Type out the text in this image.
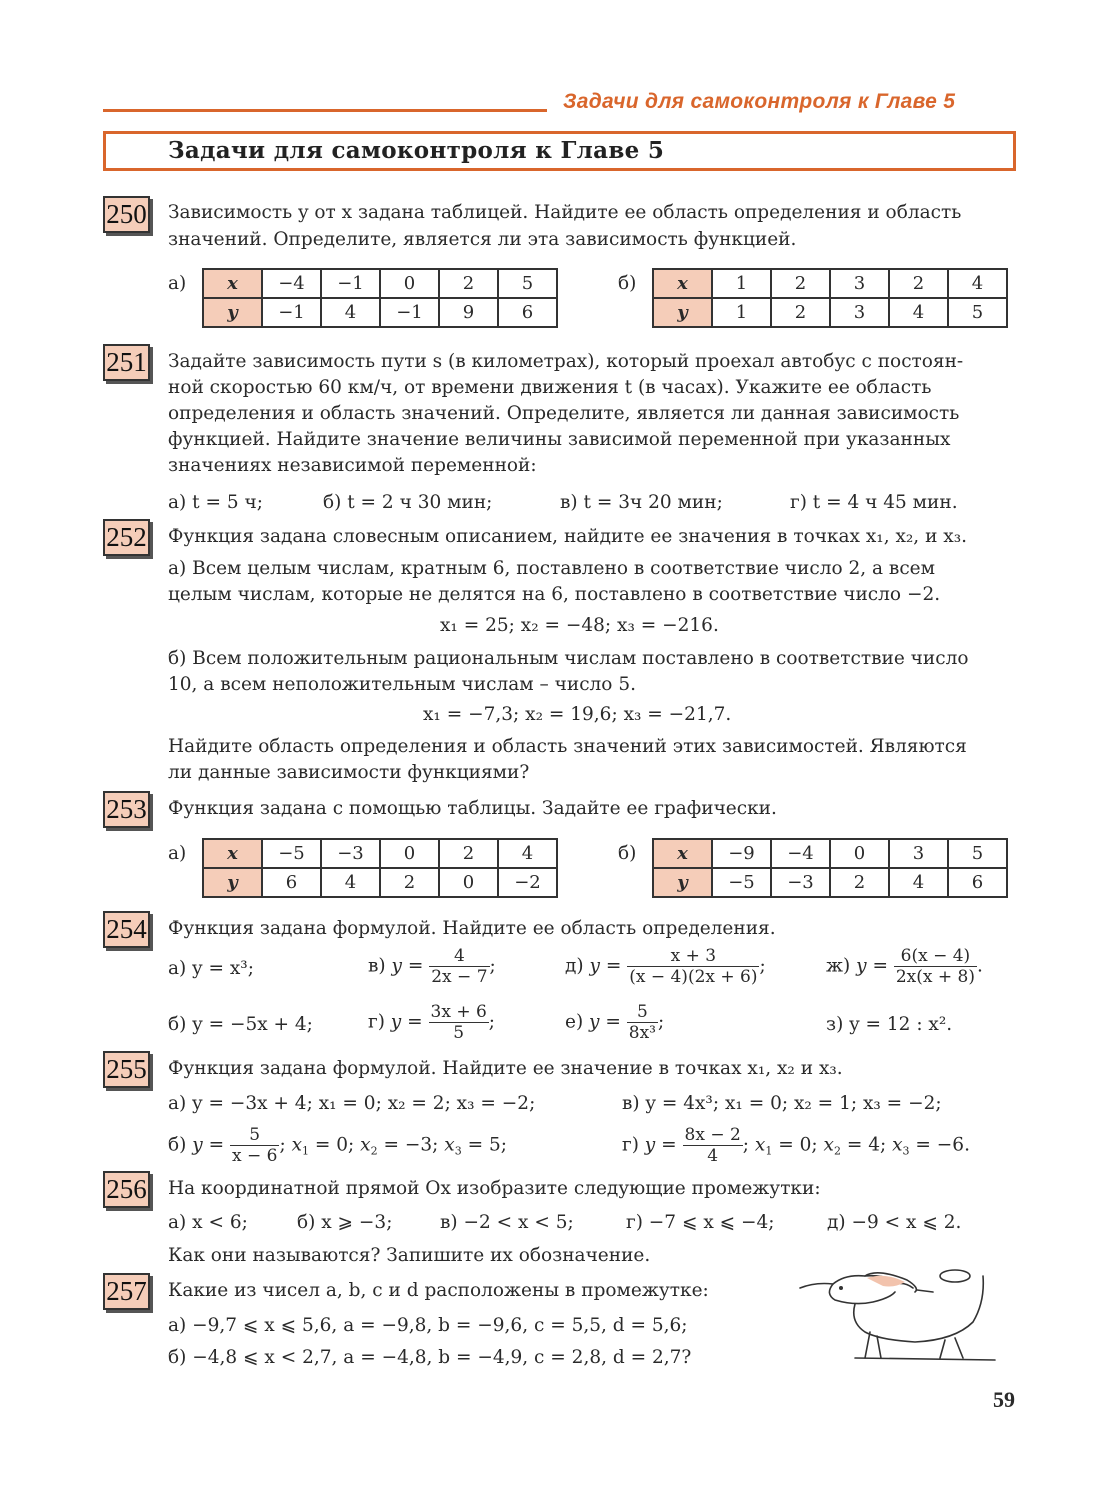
Задачи для самоконтроля к Главе 5
Задачи для самоконтроля к Главе 5
250 Зависимость y от x задана таблицей. Найдите ее область определения и область
значений. Определите, является ли эта зависимость функцией.
а) x	−4	−1	0	2	5
y	−1	4	−1	9	6
б) x	1	2	3	2	4
y	1	2	3	4	5
251 Задайте зависимость пути s (в километрах), который проехал автобус с постоян-
ной скоростью 60 км/ч, от времени движения t (в часах). Укажите ее область
определения и область значений. Определите, является ли данная зависимость
функцией. Найдите значение величины зависимой переменной при указанных
значениях независимой переменной:
а) t = 5 ч;	б) t = 2 ч 30 мин;	в) t = 3ч 20 мин;	г) t = 4 ч 45 мин.
252 Функция задана словесным описанием, найдите ее значения в точках x₁, x₂, и x₃.
а) Всем целым числам, кратным 6, поставлено в соответствие число 2, а всем
целым числам, которые не делятся на 6, поставлено в соответствие число −2.
x₁ = 25; x₂ = −48; x₃ = −216.
б) Всем положительным рациональным числам поставлено в соответствие число
10, а всем неположительным числам – число 5.
x₁ = −7,3; x₂ = 19,6; x₃ = −21,7.
Найдите область определения и область значений этих зависимостей. Являются
ли данные зависимости функциями?
253 Функция задана с помощью таблицы. Задайте ее графически.
а) x	−5	−3	0	2	4
y	6	4	2	0	−2
б) x	−9	−4	0	3	5
y	−5	−3	2	4	6
254 Функция задана формулой. Найдите ее область определения.
а) y = x³;	в) $y = \frac{4}{2x - 7}$ ;	д) $y = \frac{x + 3}{(x - 4)(2x + 6)}$ ;	ж) $y = \frac{6(x - 4)}{2x(x + 8)}$ .
б) y = −5x + 4;	г) $y = \frac{3x + 6}{5}$ ;	е) $y = \frac{5}{\text{8x³}}$ ;	з) y = 12 : x².
255 Функция задана формулой. Найдите ее значение в точках x₁, x₂ и x₃.
а) y = −3x + 4; x₁ = 0; x₂ = 2; x₃ = −2;	в) y = 4x³; x₁ = 0; x₂ = 1; x₃ = −2;
б) $y = \frac{5}{x - 6}$ ; $x_1 = 0$; $x_2 = -3$; $x_3 = 5$;	г) $y = \frac{8x - 2}{4}$ ; $x_1 = 0$; $x_2 = 4$; $x_3 = -6$.
256 На координатной прямой Ox изобразите следующие промежутки:
а) x < 6;	б) x ⩾ −3;	в) −2 < x < 5;	г) −7 ⩽ x ⩽ −4;	д) −9 < x ⩽ 2.
Как они называются? Запишите их обозначение.
257 Какие из чисел a, b, c и d расположены в промежутке:
а) −9,7 ⩽ x ⩽ 5,6, a = −9,8, b = −9,6, c = 5,5, d = 5,6;
б) −4,8 ⩽ x < 2,7, a = −4,8, b = −4,9, c = 2,8, d = 2,7?
59
